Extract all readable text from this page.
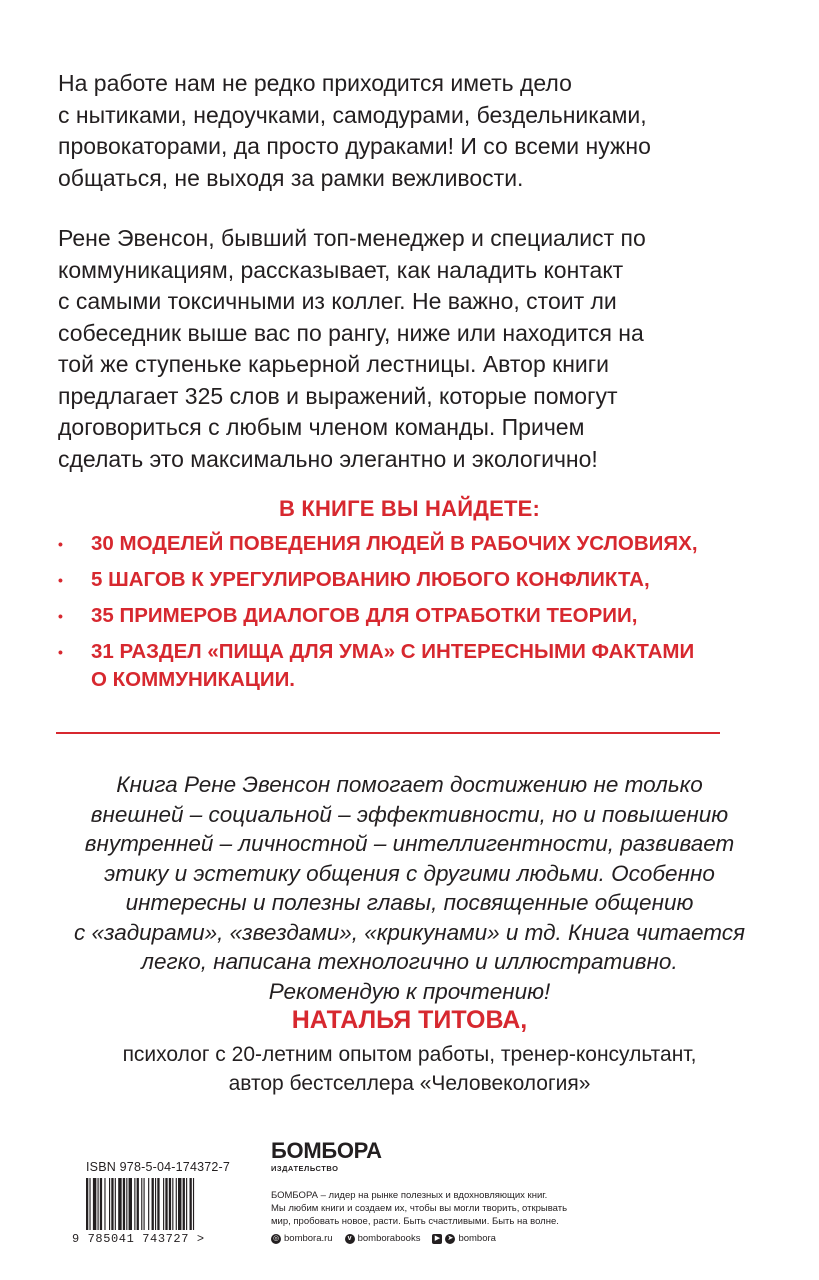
На работе нам не редко приходится иметь дело
с нытиками, недоучками, самодурами, бездельниками,
провокаторами, да просто дураками! И со всеми нужно
общаться, не выходя за рамки вежливости.
Рене Эвенсон, бывший топ-менеджер и специалист по
коммуникациям, рассказывает, как наладить контакт
с самыми токсичными из коллег. Не важно, стоит ли
собеседник выше вас по рангу, ниже или находится на
той же ступеньке карьерной лестницы. Автор книги
предлагает 325 слов и выражений, которые помогут
договориться с любым членом команды. Причем
сделать это максимально элегантно и экологично!
В КНИГЕ ВЫ НАЙДЕТЕ:
• 30 МОДЕЛЕЙ ПОВЕДЕНИЯ ЛЮДЕЙ В РАБОЧИХ УСЛОВИЯХ,
• 5 ШАГОВ К УРЕГУЛИРОВАНИЮ ЛЮБОГО КОНФЛИКТА,
• 35 ПРИМЕРОВ ДИАЛОГОВ ДЛЯ ОТРАБОТКИ ТЕОРИИ,
• 31 РАЗДЕЛ «ПИЩА ДЛЯ УМА» С ИНТЕРЕСНЫМИ ФАКТАМИ
О КОММУНИКАЦИИ.
Книга Рене Эвенсон помогает достижению не только
внешней – социальной – эффективности, но и повышению
внутренней – личностной – интеллигентности, развивает
этику и эстетику общения с другими людьми. Особенно
интересны и полезны главы, посвященные общению
с «задирами», «звездами», «крикунами» и тд. Книга читается
легко, написана технологично и иллюстративно.
Рекомендую к прочтению!
НАТАЛЬЯ ТИТОВА,
психолог с 20-летним опытом работы, тренер-консультант,
автор бестселлера «Человекология»
ISBN 978-5-04-174372-7
9 785041 743727 >
БОМБОРА
ИЗДАТЕЛЬСТВО
БОМБОРА – лидер на рынке полезных и вдохновляющих книг.
Мы любим книги и создаем их, чтобы вы могли творить, открывать
мир, пробовать новое, расти. Быть счастливыми. Быть на волне.
◎ bombora.ru	v bomborabooks	▶	➤ bombora
